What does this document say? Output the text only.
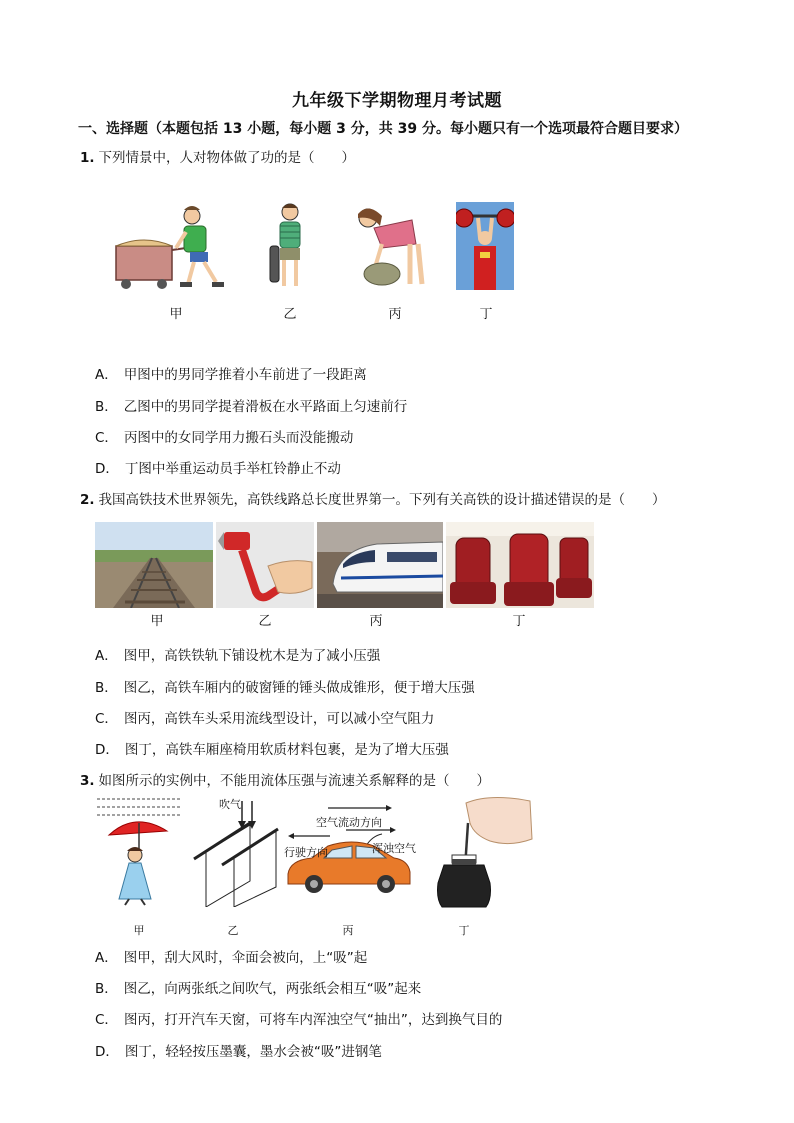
九年级下学期物理月考试题
一、选择题（本题包括 13 小题，每小题 3 分，共 39 分。每小题只有一个选项最符合题目要求）
1. 下列情景中，人对物体做了功的是（　　）
甲	乙	丙	丁
A． 甲图中的男同学推着小车前进了一段距离
B． 乙图中的男同学提着滑板在水平路面上匀速前行
C． 丙图中的女同学用力搬石头而没能搬动
D． 丁图中举重运动员手举杠铃静止不动
2. 我国高铁技术世界领先，高铁线路总长度世界第一。下列有关高铁的设计描述错误的是（　　）
甲	乙	丙	丁
A． 图甲，高铁铁轨下铺设枕木是为了减小压强
B． 图乙，高铁车厢内的破窗锤的锤头做成锥形，便于增大压强
C． 图丙，高铁车头采用流线型设计，可以减小空气阻力
D． 图丁，高铁车厢座椅用软质材料包裹，是为了增大压强
3. 如图所示的实例中，不能用流体压强与流速关系解释的是（　　）
吹气
空气流动方向
行驶方向	浑浊空气
甲	乙	丙	丁
A． 图甲，刮大风时，伞面会被向，上“吸”起
B． 图乙，向两张纸之间吹气，两张纸会相互“吸”起来
C． 图丙，打开汽车天窗，可将车内浑浊空气“抽出”，达到换气目的
D． 图丁，轻轻按压墨囊，墨水会被“吸”进钢笔
